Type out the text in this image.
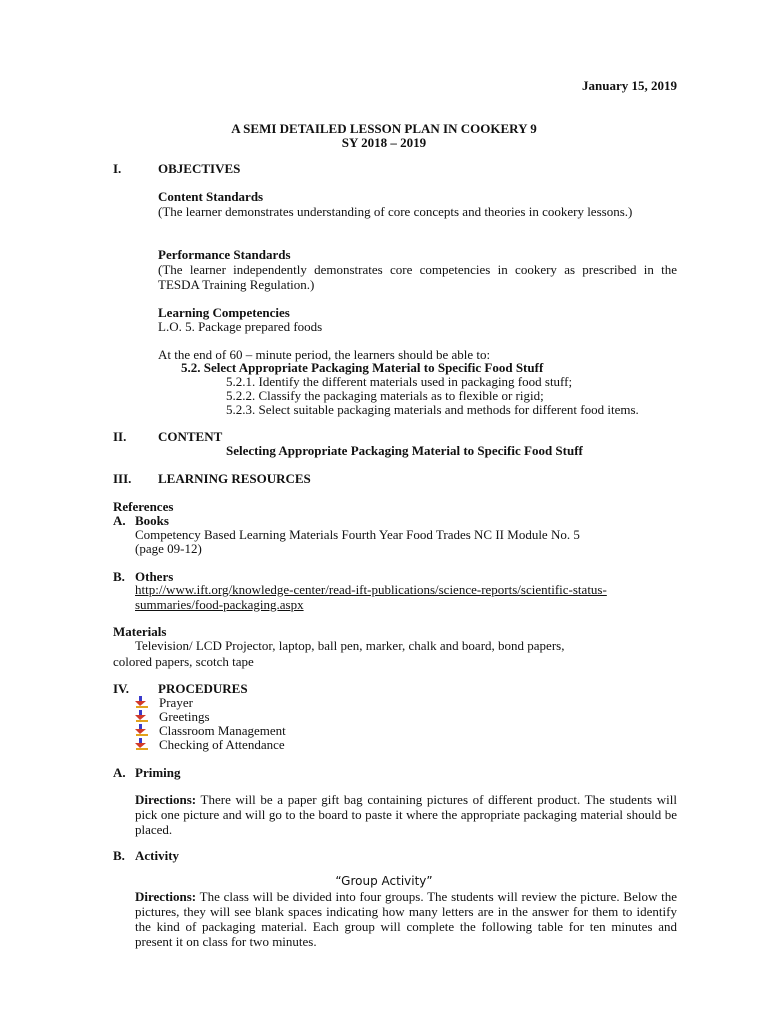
January 15, 2019
A SEMI DETAILED LESSON PLAN IN COOKERY 9
SY 2018 – 2019
I.	OBJECTIVES
Content Standards
(The learner demonstrates understanding of core concepts and theories in cookery lessons.)
Performance Standards
(The learner independently demonstrates core competencies in cookery as prescribed in the TESDA Training Regulation.)
Learning Competencies
L.O. 5. Package prepared foods
At the end of 60 – minute period, the learners should be able to:
5.2. Select Appropriate Packaging Material to Specific Food Stuff
5.2.1. Identify the different materials used in packaging food stuff;
5.2.2. Classify the packaging materials as to flexible or rigid;
5.2.3. Select suitable packaging materials and methods for different food items.
II. CONTENT
Selecting Appropriate Packaging Material to Specific Food Stuff
III. LEARNING RESOURCES
References
A. Books
Competency Based Learning Materials Fourth Year Food Trades NC II Module No. 5
(page 09-12)
B. Others
http://www.ift.org/knowledge-center/read-ift-publications/science-reports/scientific-status-
summaries/food-packaging.aspx
Materials
Television/ LCD Projector, laptop, ball pen, marker, chalk and board, bond papers,
colored papers, scotch tape
IV. PROCEDURES
Prayer
Greetings
Classroom Management
Checking of Attendance
A. Priming
Directions: There will be a paper gift bag containing pictures of different product. The students will pick one picture and will go to the board to paste it where the appropriate packaging material should be placed.
B. Activity
“Group Activity”
Directions: The class will be divided into four groups. The students will review the picture. Below the pictures, they will see blank spaces indicating how many letters are in the answer for them to identify the kind of packaging material. Each group will complete the following table for ten minutes and present it on class for two minutes.
